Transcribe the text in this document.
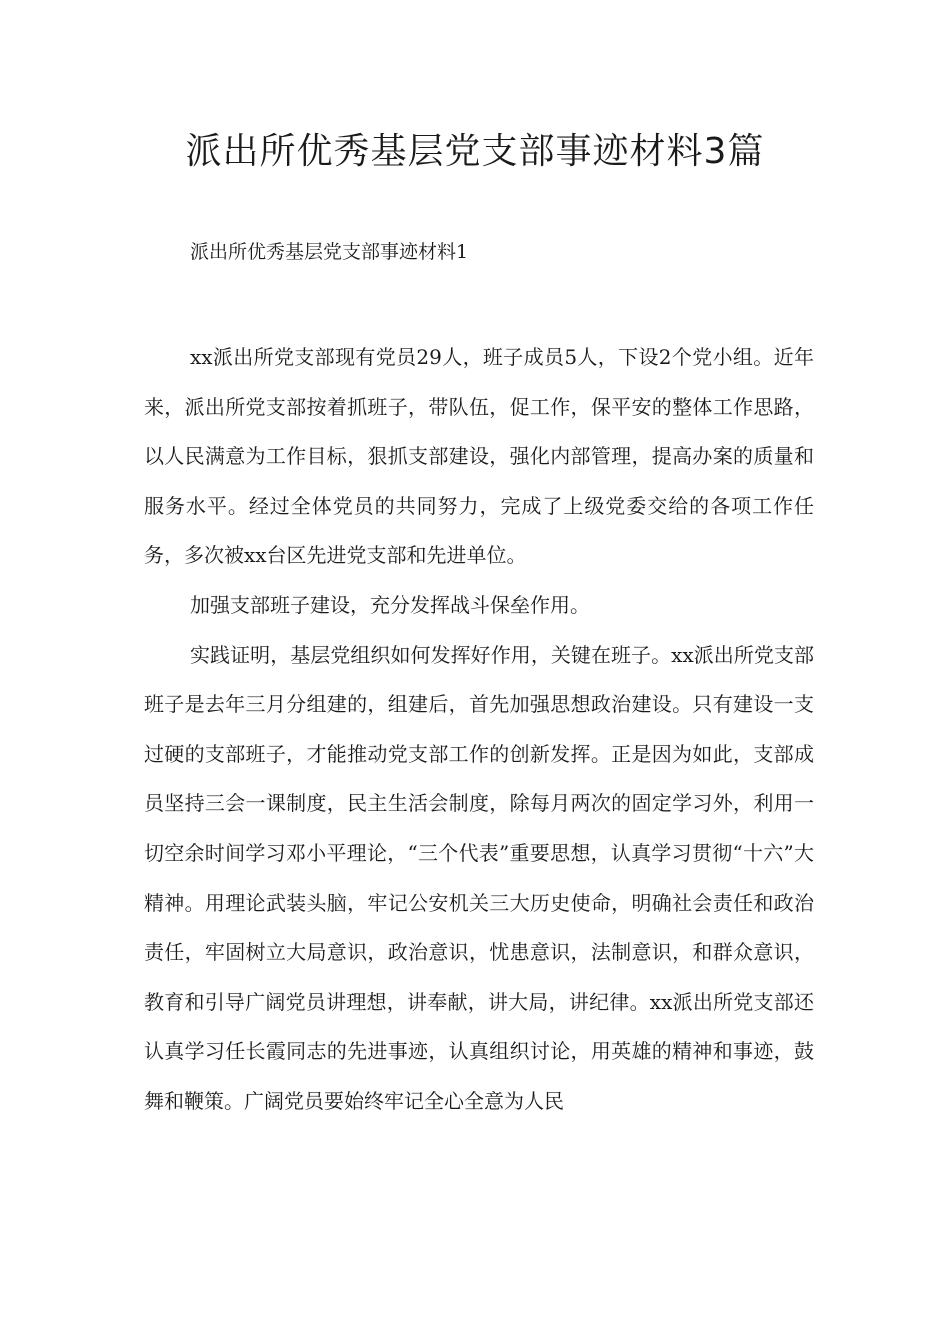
派出所优秀基层党支部事迹材料3篇

派出所优秀基层党支部事迹材料1

xx派出所党支部现有党员29人，班子成员5人，下设2个党小组。近年来，派出所党支部按着抓班子，带队伍，促工作，保平安的整体工作思路，以人民满意为工作目标，狠抓支部建设，强化内部管理，提高办案的质量和服务水平。经过全体党员的共同努力，完成了上级党委交给的各项工作任务，多次被xx台区先进党支部和先进单位。

加强支部班子建设，充分发挥战斗保垒作用。

实践证明，基层党组织如何发挥好作用，关键在班子。xx派出所党支部班子是去年三月分组建的，组建后，首先加强思想政治建设。只有建设一支过硬的支部班子，才能推动党支部工作的创新发挥。正是因为如此，支部成员坚持三会一课制度，民主生活会制度，除每月两次的固定学习外，利用一切空余时间学习邓小平理论，“三个代表”重要思想，认真学习贯彻“十六”大精神。用理论武装头脑，牢记公安机关三大历史使命，明确社会责任和政治责任，牢固树立大局意识，政治意识，忧患意识，法制意识，和群众意识，教育和引导广阔党员讲理想，讲奉献，讲大局，讲纪律。xx派出所党支部还认真学习任长霞同志的先进事迹，认真组织讨论，用英雄的精神和事迹，鼓舞和鞭策。广阔党员要始终牢记全心全意为人民
